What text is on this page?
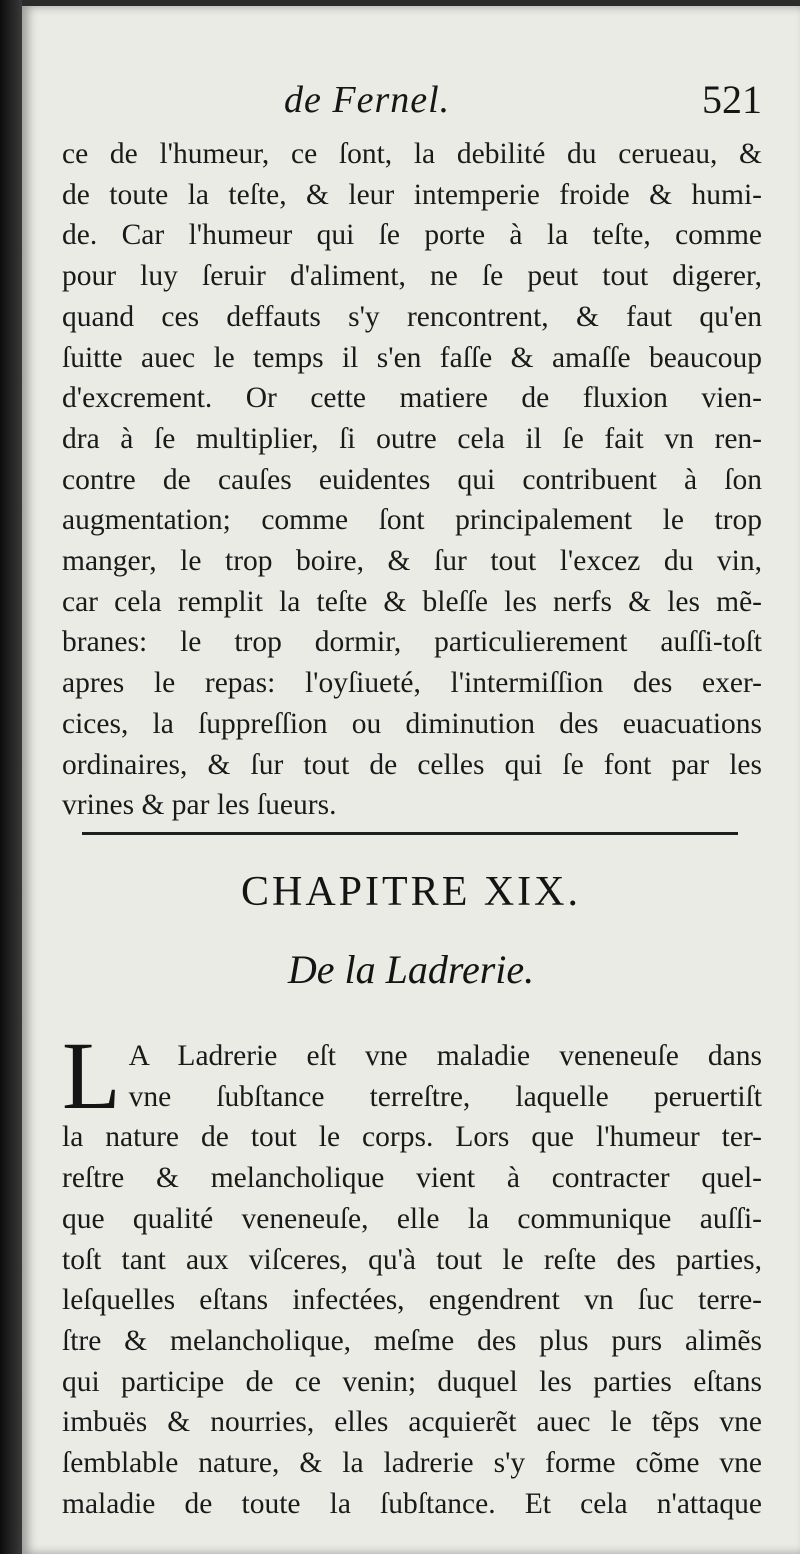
de Fernel.	521

ce de l'humeur, ce ſont, la debilité du cerueau, &
de toute la teſte, & leur intemperie froide & humi-
de. Car l'humeur qui ſe porte à la teſte, comme
pour luy ſeruir d'aliment, ne ſe peut tout digerer,
quand ces deffauts s'y rencontrent, & faut qu'en
ſuitte auec le temps il s'en faſſe & amaſſe beaucoup
d'excrement. Or cette matiere de fluxion vien-
dra à ſe multiplier, ſi outre cela il ſe fait vn ren-
contre de cauſes euidentes qui contribuent à ſon
augmentation; comme ſont principalement le trop
manger, le trop boire, & ſur tout l'excez du vin,
car cela remplit la teſte & bleſſe les nerfs & les mẽ-
branes: le trop dormir, particulierement auſſi-toſt
apres le repas: l'oyſiueté, l'intermiſſion des exer-
cices, la ſuppreſſion ou diminution des euacuations
ordinaires, & ſur tout de celles qui ſe font par les
vrines & par les ſueurs.

CHAPITRE XIX.
De la Ladrerie.

L A Ladrerie eſt vne maladie veneneuſe dans
vne ſubſtance terreſtre, laquelle peruertiſt
la nature de tout le corps. Lors que l'humeur ter-
reſtre & melancholique vient à contracter quel-
que qualité veneneuſe, elle la communique auſſi-
toſt tant aux viſceres, qu'à tout le reſte des parties,
leſquelles eſtans infectées, engendrent vn ſuc terre-
ſtre & melancholique, meſme des plus purs alimẽs
qui participe de ce venin; duquel les parties eſtans
imbuës & nourries, elles acquierẽt auec le tẽps vne
ſemblable nature, & la ladrerie s'y forme cõme vne
maladie de toute la ſubſtance. Et cela n'attaque
